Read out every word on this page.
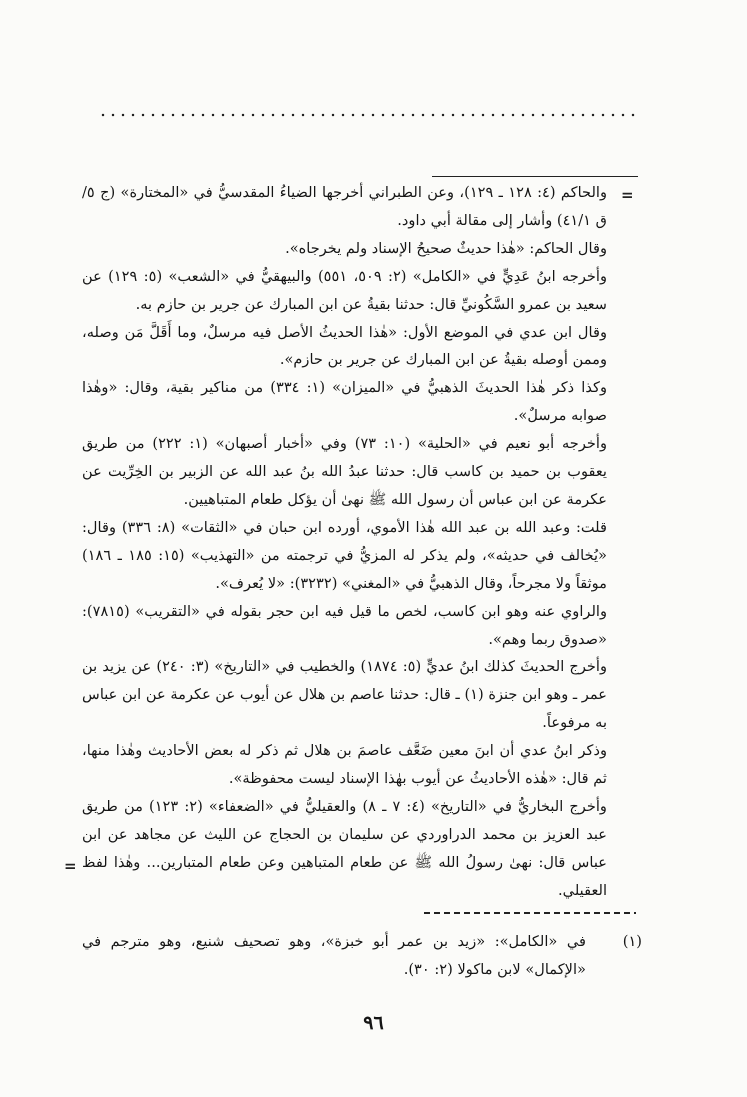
=

والحاكم (٤: ١٢٨ ـ ١٢٩)، وعن الطبراني أخرجها الضياءُ المقدسيُّ في «المختارة» (ج ٥/ق ٤١/١) وأشار إلى مقالة أبي داود.

وقال الحاكم: «هٰذا حديثٌ صحيحُ الإسناد ولم يخرجاه».

وأخرجه ابنُ عَدِيٍّ في «الكامل» (٢: ٥٠٩، ٥٥١) والبيهقيُّ في «الشعب» (٥: ١٢٩) عن سعيد بن عمرو السَّكُونيِّ قال: حدثنا بقيةُ عن ابن المبارك عن جرير بن حازم به.

وقال ابن عدي في الموضع الأول: «هٰذا الحديثُ الأصل فيه مرسلٌ، وما أَقَلَّ مَن وصله، وممن أوصله بقيةُ عن ابن المبارك عن جرير بن حازم».

وكذا ذكر هٰذا الحديثَ الذهبيُّ في «الميزان» (١: ٣٣٤) من مناكير بقية، وقال: «وهٰذا صوابه مرسلٌ».

وأخرجه أبو نعيم في «الحلية» (١٠: ٧٣) وفي «أخبار أصبهان» (١: ٢٢٢) من طريق يعقوب بن حميد بن كاسب قال: حدثنا عبدُ الله بنُ عبد الله عن الزبير بن الخِرِّيت عن عكرمة عن ابن عباس أن رسول الله ﷺ نهىٰ أن يؤكل طعام المتباهيين.

قلت: وعبد الله بن عبد الله هٰذا الأموي، أورده ابن حبان في «الثقات» (٨: ٣٣٦) وقال: «يُخالف في حديثه»، ولم يذكر له المزيُّ في ترجمته من «التهذيب» (١٥: ١٨٥ ـ ١٨٦) موثقاً ولا مجرحاً، وقال الذهبيُّ في «المغني» (٣٢٣٢): «لا يُعرف».

والراوي عنه وهو ابن كاسب، لخص ما قيل فيه ابن حجر بقوله في «التقريب» (٧٨١٥): «صدوق ربما وهم».

وأخرج الحديثَ كذلك ابنُ عديٍّ (٥: ١٨٧٤) والخطيب في «التاريخ» (٣: ٢٤٠) عن يزيد بن عمر ـ وهو ابن جنزة (١) ـ قال: حدثنا عاصم بن هلال عن أيوب عن عكرمة عن ابن عباس به مرفوعاً.

وذكر ابنُ عدي أن ابنَ معين ضَعَّف عاصمَ بن هلال ثم ذكر له بعض الأحاديث وهٰذا منها، ثم قال: «هٰذه الأحاديثُ عن أيوب بهٰذا الإسناد ليست محفوظة».

وأخرج البخاريُّ في «التاريخ» (٤: ٧ ـ ٨) والعقيليُّ في «الضعفاء» (٢: ١٢٣) من طريق عبد العزيز بن محمد الدراوردي عن سليمان بن الحجاج عن الليث عن مجاهد عن ابن عباس قال: نهىٰ رسولُ الله ﷺ عن طعام المتباهين وعن طعام المتبارين... وهٰذا لفظ العقيلي.

=
(١)

في «الكامل»: «زيد بن عمر أبو خبزة»، وهو تصحيف شنيع، وهو مترجم في «الإكمال» لابن ماكولا (٢: ٣٠).

٩٦
